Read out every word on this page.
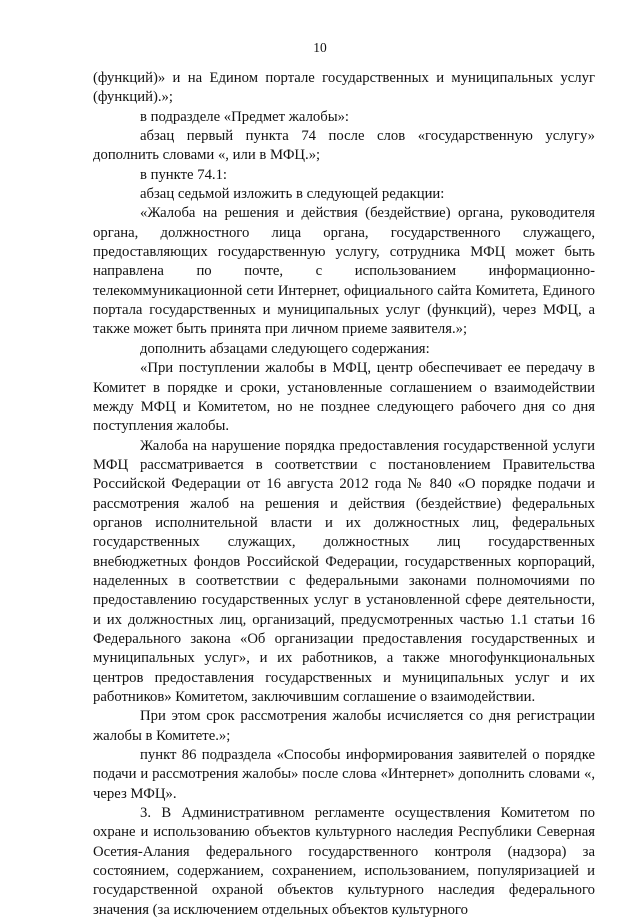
10

(функций)» и на Едином портале государственных и муниципальных услуг (функций).»;

в подразделе «Предмет жалобы»:

абзац первый пункта 74 после слов «государственную услугу» дополнить словами «, или в МФЦ.»;

в пункте 74.1:

абзац седьмой изложить в следующей редакции:

«Жалоба на решения и действия (бездействие) органа, руководителя органа, должностного лица органа, государственного служащего, предоставляющих государственную услугу, сотрудника МФЦ может быть направлена по почте, с использованием информационно-телекоммуникационной сети Интернет, официального сайта Комитета, Единого портала государственных и муниципальных услуг (функций), через МФЦ, а также может быть принята при личном приеме заявителя.»;

дополнить абзацами следующего содержания:

«При поступлении жалобы в МФЦ, центр обеспечивает ее передачу в Комитет в порядке и сроки, установленные соглашением о взаимодействии между МФЦ и Комитетом, но не позднее следующего рабочего дня со дня поступления жалобы.

Жалоба на нарушение порядка предоставления государственной услуги МФЦ рассматривается в соответствии с постановлением Правительства Российской Федерации от 16 августа 2012 года № 840 «О порядке подачи и рассмотрения жалоб на решения и действия (бездействие) федеральных органов исполнительной власти и их должностных лиц, федеральных государственных служащих, должностных лиц государственных внебюджетных фондов Российской Федерации, государственных корпораций, наделенных в соответствии с федеральными законами полномочиями по предоставлению государственных услуг в установленной сфере деятельности, и их должностных лиц, организаций, предусмотренных частью 1.1 статьи 16 Федерального закона «Об организации предоставления государственных и муниципальных услуг», и их работников, а также многофункциональных центров предоставления государственных и муниципальных услуг и их работников» Комитетом, заключившим соглашение о взаимодействии.

При этом срок рассмотрения жалобы исчисляется со дня регистрации жалобы в Комитете.»;

пункт 86 подраздела «Способы информирования заявителей о порядке подачи и рассмотрения жалобы» после слова «Интернет» дополнить словами «, через МФЦ».

3. В Административном регламенте осуществления Комитетом по охране и использованию объектов культурного наследия Республики Северная Осетия-Алания федерального государственного контроля (надзора) за состоянием, содержанием, сохранением, использованием, популяризацией и государственной охраной объектов культурного наследия федерального значения (за исключением отдельных объектов культурного
